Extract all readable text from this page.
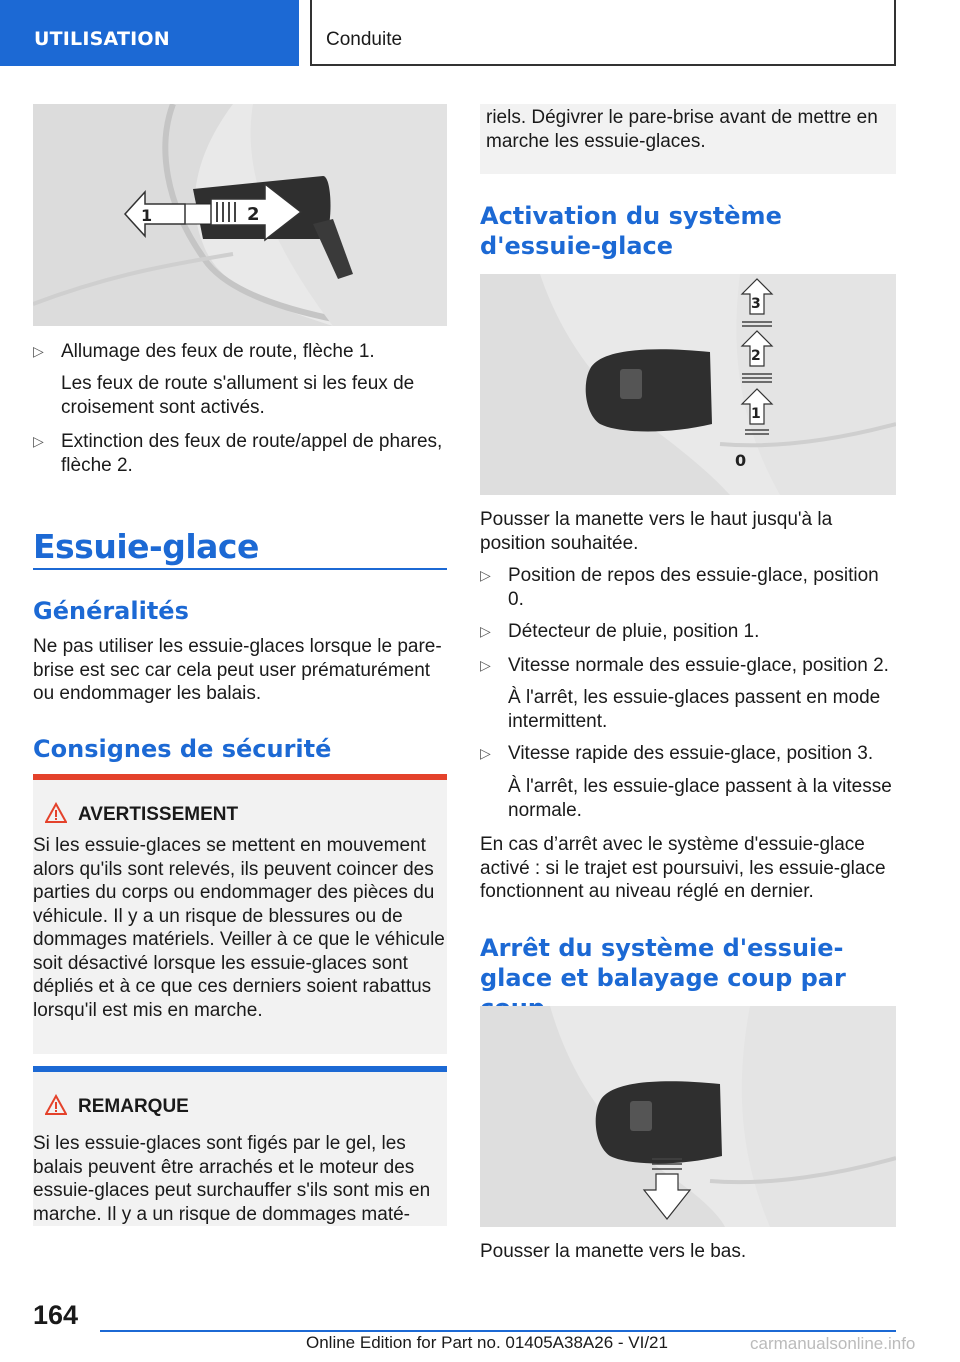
UTILISATION	Conduite
1	2
▷ Allumage des feux de route, flèche 1.
Les feux de route s'allument si les feux de croisement sont activés.
▷ Extinction des feux de route/appel de phares, flèche 2.
Essuie-glace
Généralités
Ne pas utiliser les essuie-glaces lorsque le pare-brise est sec car cela peut user prématurément ou endommager les balais.
Consignes de sécurité
AVERTISSEMENT
Si les essuie-glaces se mettent en mouvement alors qu'ils sont relevés, ils peuvent coincer des parties du corps ou endommager des pièces du véhicule. Il y a un risque de blessures ou de dommages matériels. Veiller à ce que le véhicule soit désactivé lorsque les essuie-glaces sont dépliés et à ce que ces derniers soient rabattus lorsqu'il est mis en marche.
REMARQUE
Si les essuie-glaces sont figés par le gel, les balais peuvent être arrachés et le moteur des essuie-glaces peut surchauffer s'ils sont mis en marche. Il y a un risque de dommages maté-
riels. Dégivrer le pare-brise avant de mettre en marche les essuie-glaces.
Activation du système d'essuie-glace
3
2
1
0
Pousser la manette vers le haut jusqu'à la position souhaitée.
▷ Position de repos des essuie-glace, position 0.
▷ Détecteur de pluie, position 1.
▷ Vitesse normale des essuie-glace, position 2.
À l'arrêt, les essuie-glaces passent en mode intermittent.
▷ Vitesse rapide des essuie-glace, position 3.
À l'arrêt, les essuie-glace passent à la vitesse normale.
En cas d’arrêt avec le système d'essuie-glace activé : si le trajet est poursuivi, les essuie-glace fonctionnent au niveau réglé en dernier.
Arrêt du système d'essuie-glace et balayage coup par
Pousser la manette vers le bas.
164
Online Edition for Part no. 01405A38A26 - VI/21	carmanualsonline.info
